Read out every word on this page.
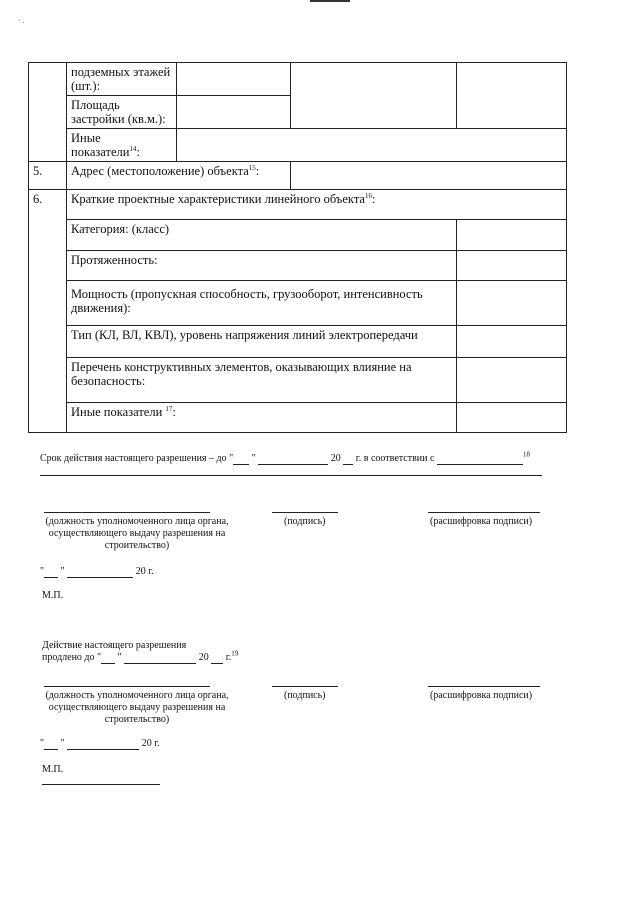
· .
	подземных этажей (шт.):			
	Площадь застройки (кв.м.):			
	Иные показатели$^{14}$:			
5.	Адрес (местоположение) объекта$^{15}$:			
6.	Краткие проектные характеристики линейного объекта$^{16}$:			
	Категория: (класс)			
	Протяженность:			
	Мощность (пропускная способность, грузооборот, интенсивность движения):			
	Тип (КЛ, ВЛ, КВЛ), уровень напряжения линий электропередачи			
	Перечень конструктивных элементов, оказывающих влияние на безопасность:			
	Иные показатели $^{17}$:			
Срок действия настоящего разрешения – до " "	20 г. в соответствии с	$^{18}$
(должность уполномоченного лица органа, осуществляющего выдачу разрешения на строительство)
(подпись)	(расшифровка подписи)
" "	20 г.
М.П.
Действие настоящего разрешения
продлено до " "	20 г.$^{19}$
(должность уполномоченного лица органа, осуществляющего выдачу разрешения на строительство)
(подпись)	(расшифровка подписи)
" "	20 г.
М.П.
